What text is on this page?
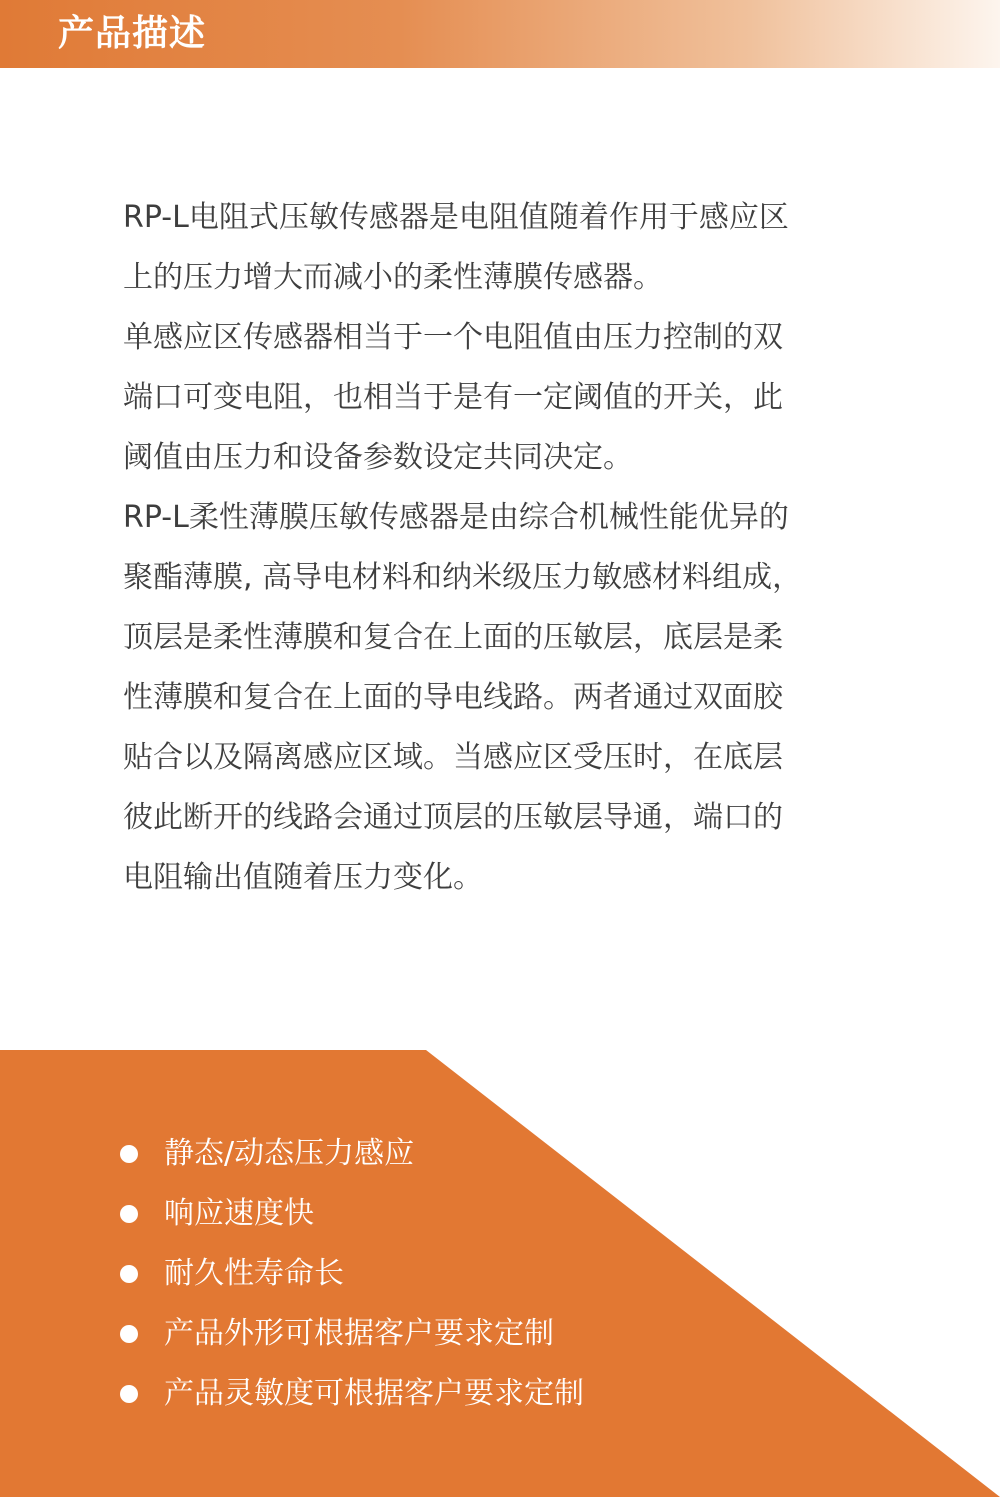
产品描述
RP-L电阻式压敏传感器是电阻值随着作用于感应区
上的压力增大而减小的柔性薄膜传感器。
单感应区传感器相当于一个电阻值由压力控制的双
端口可变电阻，也相当于是有一定阈值的开关，此
阈值由压力和设备参数设定共同决定。
RP-L柔性薄膜压敏传感器是由综合机械性能优异的
聚酯薄膜, 高导电材料和纳米级压力敏感材料组成，
顶层是柔性薄膜和复合在上面的压敏层，底层是柔
性薄膜和复合在上面的导电线路。两者通过双面胶
贴合以及隔离感应区域。当感应区受压时，在底层
彼此断开的线路会通过顶层的压敏层导通，端口的
电阻输出值随着压力变化。
静态/动态压力感应
响应速度快
耐久性寿命长
产品外形可根据客户要求定制
产品灵敏度可根据客户要求定制
